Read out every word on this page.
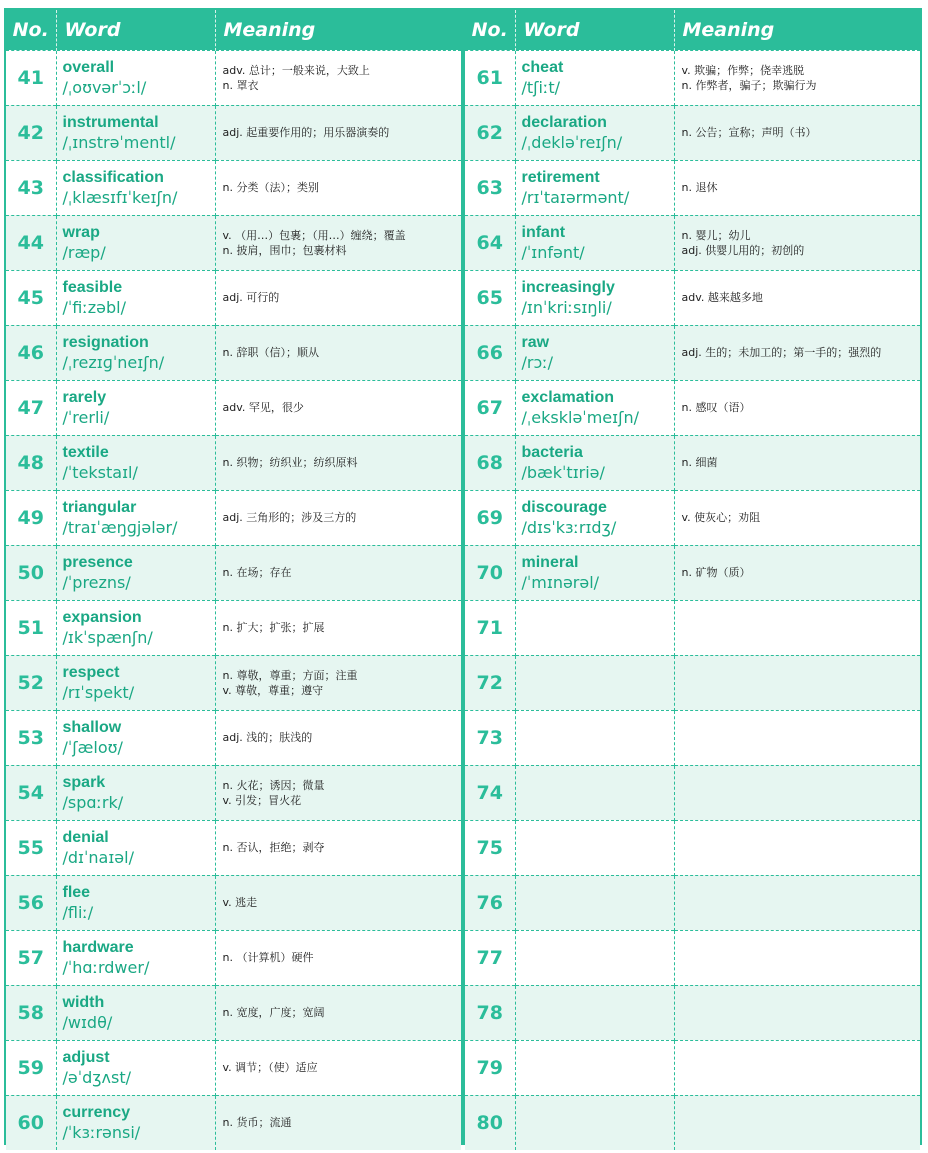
No.	Word	Meaning
41	overall
/ˌoʊvərˈɔːl/	adv. 总计；一般来说，大致上
n. 罩衣

42	instrumental
/ˌɪnstrəˈmentl/	adj. 起重要作用的；用乐器演奏的

43	classification
/ˌklæsɪfɪˈkeɪʃn/	n. 分类（法）；类别

44	wrap
/ræp/	v. （用…）包裹；（用…）缠绕；覆盖
n. 披肩，围巾；包裹材料

45	feasible
/ˈfiːzəbl/	adj. 可行的

46	resignation
/ˌrezɪɡˈneɪʃn/	n. 辞职（信）；顺从

47	rarely
/ˈrerli/	adv. 罕见，很少

48	textile
/ˈtekstaɪl/	n. 织物；纺织业；纺织原料

49	triangular
/traɪˈæŋɡjələr/	adj. 三角形的；涉及三方的

50	presence
/ˈprezns/	n. 在场；存在

51	expansion
/ɪkˈspænʃn/	n. 扩大；扩张；扩展

52	respect
/rɪˈspekt/	n. 尊敬，尊重；方面；注重
v. 尊敬，尊重；遵守

53	shallow
/ˈʃæloʊ/	adj. 浅的；肤浅的

54	spark
/spɑːrk/	n. 火花；诱因；微量
v. 引发；冒火花

55	denial
/dɪˈnaɪəl/	n. 否认，拒绝；剥夺

56	flee
/fliː/	v. 逃走

57	hardware
/ˈhɑːrdwer/	n. （计算机）硬件

58	width
/wɪdθ/	n. 宽度，广度；宽阔

59	adjust
/əˈdʒʌst/	v. 调节；（使）适应

60	currency
/ˈkɜːrənsi/	n. 货币；流通
No.	Word	Meaning
61	cheat
/tʃiːt/	v. 欺骗；作弊；侥幸逃脱
n. 作弊者，骗子；欺骗行为

62	declaration
/ˌdekləˈreɪʃn/	n. 公告；宣称；声明（书）

63	retirement
/rɪˈtaɪərmənt/	n. 退休

64	infant
/ˈɪnfənt/	n. 婴儿；幼儿
adj. 供婴儿用的；初创的

65	increasingly
/ɪnˈkriːsɪŋli/	adv. 越来越多地

66	raw
/rɔː/	adj. 生的；未加工的；第一手的；强烈的

67	exclamation
/ˌekskləˈmeɪʃn/	n. 感叹（语）

68	bacteria
/bækˈtɪriə/	n. 细菌

69	discourage
/dɪsˈkɜːrɪdʒ/	v. 使灰心；劝阻

70	mineral
/ˈmɪnərəl/	n. 矿物（质）

71	

72	

73	

74	

75	

76	

77	

78	

79	

80	
